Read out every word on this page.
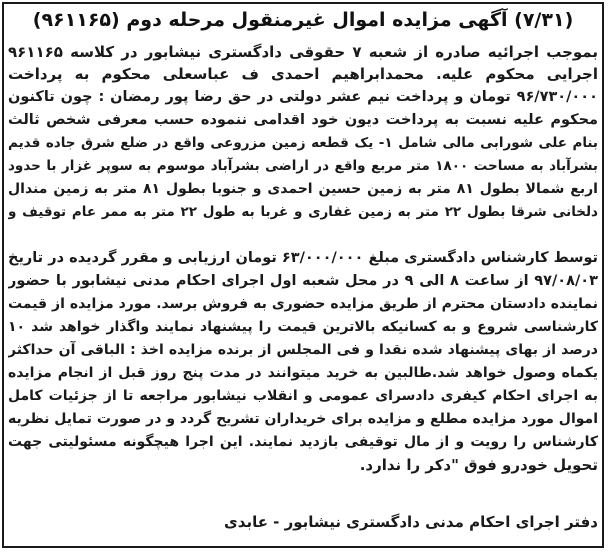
(۷/۳۱) آگهی مزایده اموال غیرمنقول مرحله دوم (۹۶۱۱۶۵)
بموجب اجرائیه صادره از شعبه ۷ حقوقی دادگستری نیشابور در کلاسه ۹۶۱۱۶۵
اجرایی محکوم علیه. محمدابراهیم احمدی ف عباسعلی محکوم به پرداخت
۹۶/۷۳۰/۰۰۰ تومان و پرداخت نیم عشر دولتی در حق رضا پور رمضان : چون تاکنون
محکوم علیه نسبت به پرداخت دیون خود اقدامی ننموده حسب معرفی شخص ثالث
بنام علی شورابی مالی شامل ۱- یک قطعه زمین مزروعی واقع در ضلع شرق جاده قدیم
بشرآباد به مساحت ۱۸۰۰ متر مربع واقع در اراضی بشرآباد موسوم به سوپر غزار با حدود
اربع شمالا بطول ۸۱ متر به زمین حسین احمدی و جنوبا بطول ۸۱ متر به زمین مندال
دلخانی شرقا بطول ۲۲ متر به زمین غفاری و غربا به طول ۲۲ متر به ممر عام توقیف و
توسط کارشناس دادگستری مبلغ ۶۳/۰۰۰/۰۰۰ تومان ارزیابی و مقرر گردیده در تاریخ
۹۷/۰۸/۰۳ از ساعت ۸ الی ۹ در محل شعبه اول اجرای احکام مدنی نیشابور با حضور
نماینده دادستان محترم از طریق مزایده حضوری به فروش برسد. مورد مزایده از قیمت
کارشناسی شروع و به کسانیکه بالاترین قیمت را پیشنهاد نمایند واگذار خواهد شد ۱۰
درصد از بهای پیشنهاد شده نقدا و فی المجلس از برنده مزایده اخذ : الباقی آن حداکثر
یکماه وصول خواهد شد.طالبین به خرید میتوانند در مدت پنج روز قبل از انجام مزایده
به اجرای احکام کیفری دادسرای عمومی و انقلاب نیشابور مراجعه تا از جزئیات کامل
اموال مورد مزایده مطلع و مزایده برای خریداران تشریح گردد و در صورت تمایل نظریه
کارشناس را رویت و از مال توقیفی بازدید نمایند. این اجرا هیچگونه مسئولیتی جهت
تحویل خودرو فوق "دکر را ندارد.
دفتر اجرای احکام مدنی دادگستری نیشابور - عابدی
